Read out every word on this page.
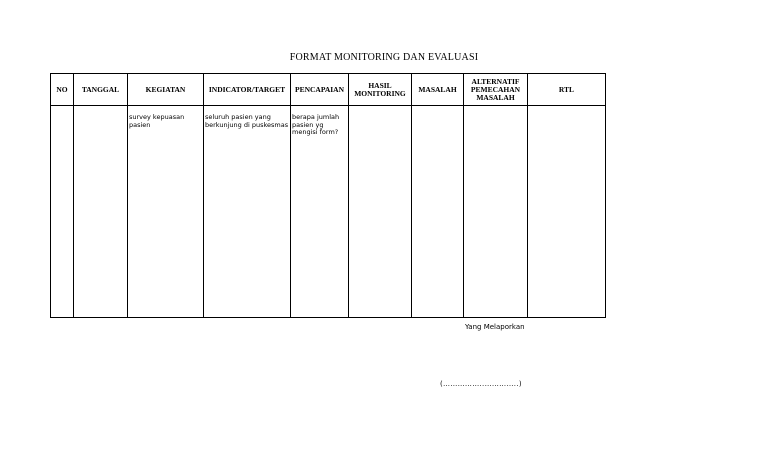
FORMAT MONITORING DAN EVALUASI
NO	TANGGAL	KEGIATAN	INDICATOR/TARGET	PENCAPAIAN	HASIL MONITORING	MASALAH	ALTERNATIF PEMECAHAN MASALAH	RTL
		survey kepuasan pasien	seluruh pasien yang berkunjung di puskesmas	berapa jumlah pasien yg mengisi form?				
Yang Melaporkan
(……………..…………..)
